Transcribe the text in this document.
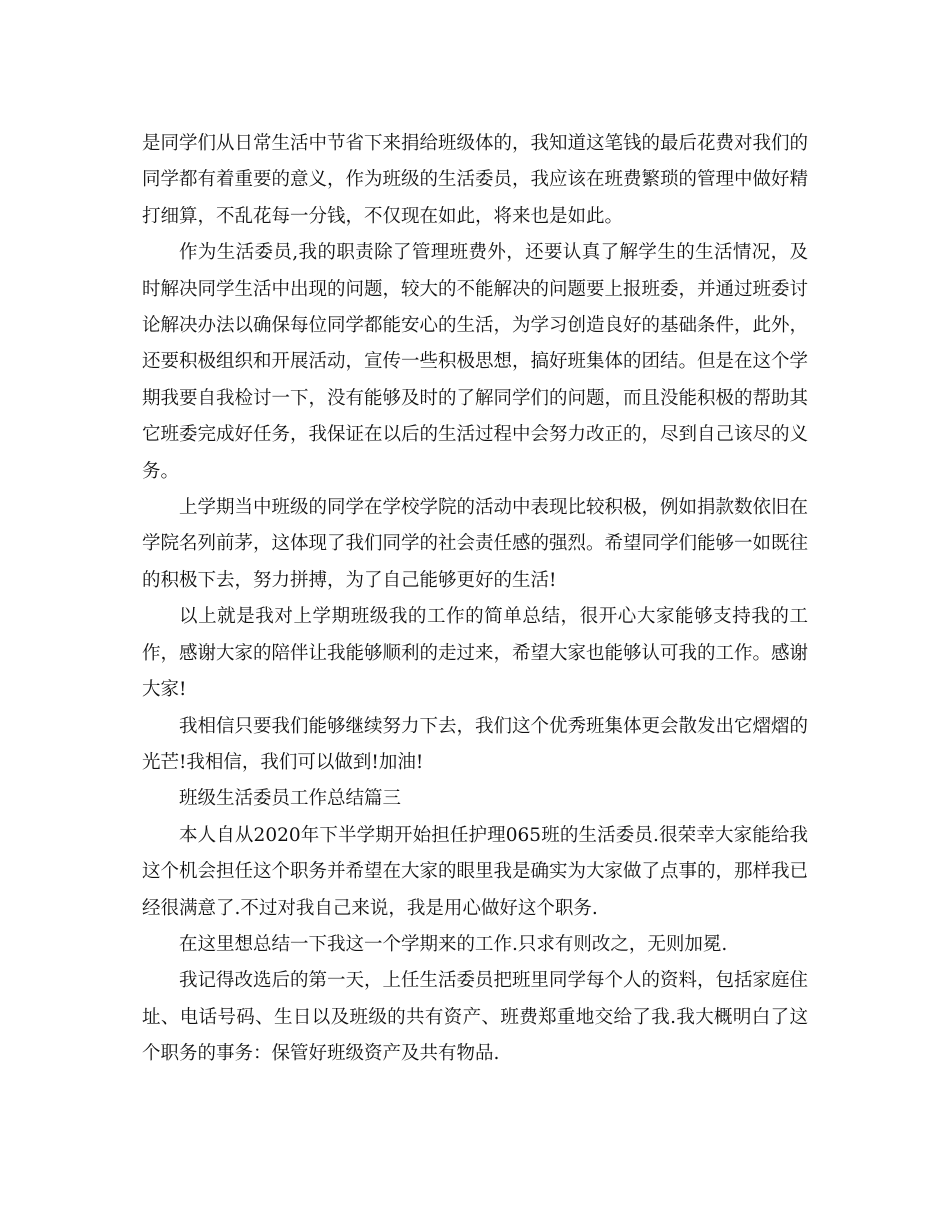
是同学们从日常生活中节省下来捐给班级体的，我知道这笔钱的最后花费对我们的同学都有着重要的意义，作为班级的生活委员，我应该在班费繁琐的管理中做好精打细算，不乱花每一分钱，不仅现在如此，将来也是如此。

作为生活委员,我的职责除了管理班费外，还要认真了解学生的生活情况，及时解决同学生活中出现的问题，较大的不能解决的问题要上报班委，并通过班委讨论解决办法以确保每位同学都能安心的生活，为学习创造良好的基础条件，此外，还要积极组织和开展活动，宣传一些积极思想，搞好班集体的团结。但是在这个学期我要自我检讨一下，没有能够及时的了解同学们的问题，而且没能积极的帮助其它班委完成好任务，我保证在以后的生活过程中会努力改正的，尽到自己该尽的义务。

上学期当中班级的同学在学校学院的活动中表现比较积极，例如捐款数依旧在学院名列前茅，这体现了我们同学的社会责任感的强烈。希望同学们能够一如既往的积极下去，努力拼搏，为了自己能够更好的生活!

以上就是我对上学期班级我的工作的简单总结，很开心大家能够支持我的工作，感谢大家的陪伴让我能够顺利的走过来，希望大家也能够认可我的工作。感谢大家!

我相信只要我们能够继续努力下去，我们这个优秀班集体更会散发出它熠熠的光芒!我相信，我们可以做到!加油!

班级生活委员工作总结篇三

本人自从2020年下半学期开始担任护理065班的生活委员.很荣幸大家能给我这个机会担任这个职务并希望在大家的眼里我是确实为大家做了点事的，那样我已经很满意了.不过对我自己来说，我是用心做好这个职务.

在这里想总结一下我这一个学期来的工作.只求有则改之，无则加冕.

我记得改选后的第一天，上任生活委员把班里同学每个人的资料，包括家庭住址、电话号码、生日以及班级的共有资产、班费郑重地交给了我.我大概明白了这个职务的事务：保管好班级资产及共有物品.
